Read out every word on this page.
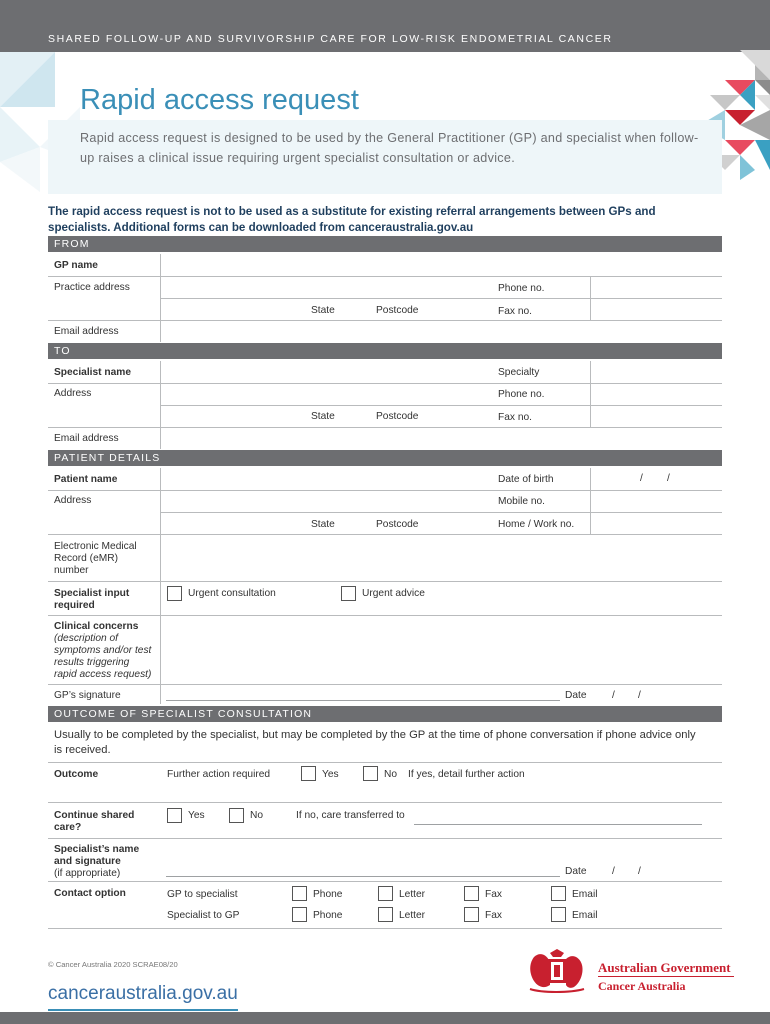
SHARED FOLLOW-UP AND SURVIVORSHIP CARE FOR LOW-RISK ENDOMETRIAL CANCER
Rapid access request

Rapid access request is designed to be used by the General Practitioner (GP) and specialist when follow-up raises a clinical issue requiring urgent specialist consultation or advice.

The rapid access request is not to be used as a substitute for existing referral arrangements between GPs and specialists. Additional forms can be downloaded from canceraustralia.gov.au

FROM
GP name
Practice address	Phone no.
State	Postcode	Fax no.
Email address
TO
Specialist name	Specialty
Address	Phone no.
State	Postcode	Fax no.
Email address
PATIENT DETAILS
Patient name	Date of birth	/ /
Address	Mobile no.
State	Postcode	Home / Work no.
Electronic Medical Record (eMR) number
Specialist input required
Urgent consultation	Urgent advice
Clinical concerns
(description of symptoms and/or test results triggering rapid access request)
GP’s signature	Date / /
OUTCOME OF SPECIALIST CONSULTATION

Usually to be completed by the specialist, but may be completed by the GP at the time of phone conversation if phone advice only is received.

Outcome	Further action required	Yes	No If yes, detail further action
Continue shared care?
Yes	No	If no, care transferred to
Specialist’s name and signature
(if appropriate)	Date / /
Contact option	GP to specialist	Phone	Letter	Fax	Email
Specialist to GP	Phone	Letter	Fax	Email
© Cancer Australia 2020 SCRAE08/20
canceraustralia.gov.au
Australian Government
Cancer Australia
